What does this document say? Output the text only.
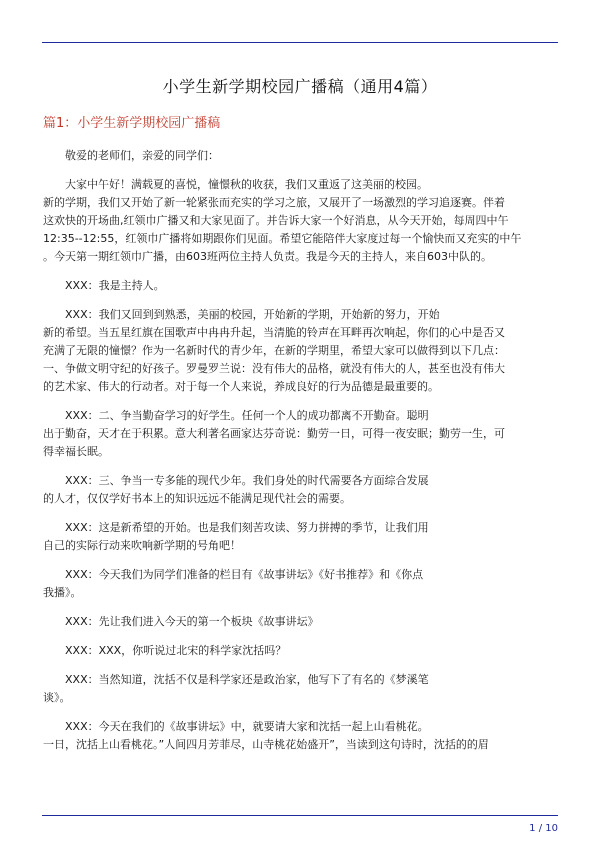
小学生新学期校园广播稿（通用4篇）
篇1：小学生新学期校园广播稿

敬爱的老师们，亲爱的同学们：

大家中午好！满载夏的喜悦，憧憬秋的收获，我们又重返了这美丽的校园。

新的学期，我们又开始了新一轮紧张而充实的学习之旅，又展开了一场激烈的学习追逐赛。伴着
这欢快的开场曲,红领巾广播又和大家见面了。并告诉大家一个好消息，从今天开始，每周四中午
12:35--12:55，红领巾广播将如期跟你们见面。希望它能陪伴大家度过每一个愉快而又充实的中午
。今天第一期红领巾广播，由603班两位主持人负责。我是今天的主持人，来自603中队的。

XXX：我是主持人。

XXX：我们又回到到熟悉，美丽的校园，开始新的学期，开始新的努力，开始
新的希望。当五星红旗在国歌声中冉冉升起，当清脆的铃声在耳畔再次响起，你们的心中是否又
充满了无限的憧憬？作为一名新时代的青少年，在新的学期里，希望大家可以做得到以下几点：
一、争做文明守纪的好孩子。罗曼罗兰说：没有伟大的品格，就没有伟大的人，甚至也没有伟大
的艺术家、伟大的行动者。对于每一个人来说，养成良好的行为品德是最重要的。

XXX：二、争当勤奋学习的好学生。任何一个人的成功都离不开勤奋。聪明
出于勤奋，天才在于积累。意大利著名画家达芬奇说：勤劳一日，可得一夜安眠；勤劳一生，可
得幸福长眠。

XXX：三、争当一专多能的现代少年。我们身处的时代需要各方面综合发展
的人才，仅仅学好书本上的知识远远不能满足现代社会的需要。

XXX：这是新希望的开始。也是我们刻苦攻读、努力拼搏的季节，让我们用
自己的实际行动来吹响新学期的号角吧！

XXX：今天我们为同学们准备的栏目有《故事讲坛》《好书推荐》和《你点
我播》。

XXX：先让我们进入今天的第一个板块《故事讲坛》

XXX：XXX，你听说过北宋的科学家沈括吗？

XXX：当然知道，沈括不仅是科学家还是政治家，他写下了有名的《梦溪笔
谈》。

XXX：今天在我们的《故事讲坛》中，就要请大家和沈括一起上山看桃花。
一日，沈括上山看桃花。”人间四月芳菲尽，山寺桃花始盛开”，当读到这句诗时，沈括的的眉

1 / 10
